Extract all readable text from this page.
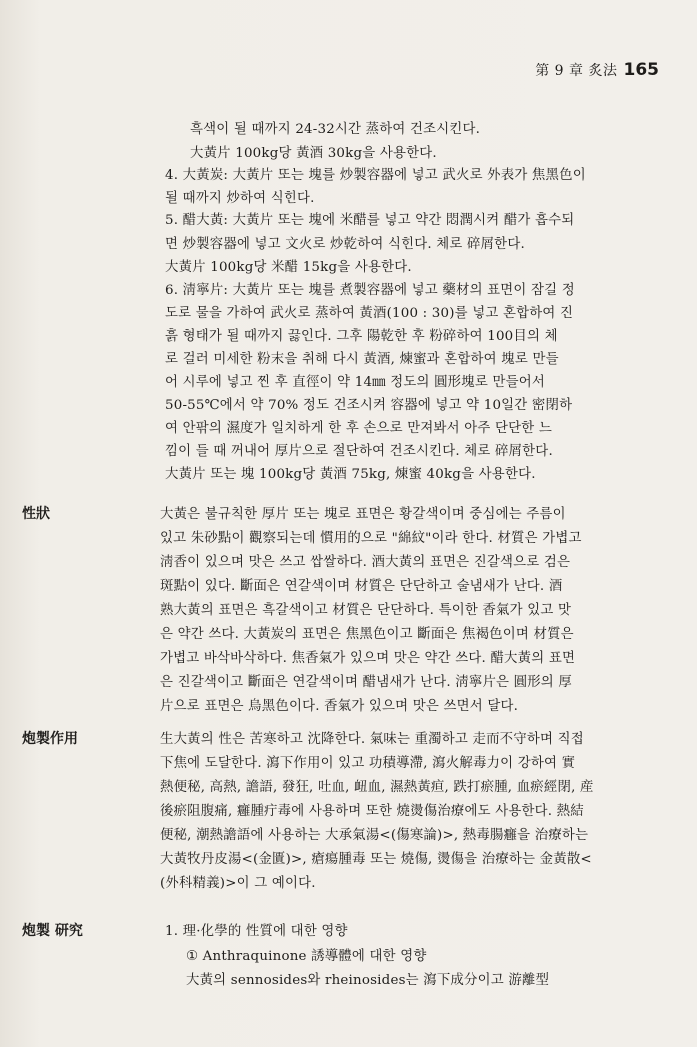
第 9 章 炙法 165
흑색이 될 때까지 24-32시간 蒸하여 건조시킨다.
大黃片 100kg당 黃酒 30kg을 사용한다.
4. 大黃炭: 大黃片 또는 塊를 炒製容器에 넣고 武火로 外表가 焦黑色이
될 때까지 炒하여 식힌다.
5. 醋大黃: 大黃片 또는 塊에 米醋를 넣고 약간 悶潤시켜 醋가 흡수되
면 炒製容器에 넣고 文火로 炒乾하여 식힌다. 체로 碎屑한다.
大黃片 100kg당 米醋 15kg을 사용한다.
6. 淸寧片: 大黃片 또는 塊를 煮製容器에 넣고 藥材의 표면이 잠길 정
도로 물을 가하여 武火로 蒸하여 黃酒(100 : 30)를 넣고 혼합하여 진
흙 형태가 될 때까지 끓인다. 그후 陽乾한 후 粉碎하여 100目의 체
로 걸러 미세한 粉末을 취해 다시 黃酒, 煉蜜과 혼합하여 塊로 만들
어 시루에 넣고 찐 후 直徑이 약 14㎜ 정도의 圓形塊로 만들어서
50-55℃에서 약 70% 정도 건조시켜 容器에 넣고 약 10일간 密閉하
여 안팎의 濕度가 일치하게 한 후 손으로 만져봐서 아주 단단한 느
낌이 들 때 꺼내어 厚片으로 절단하여 건조시킨다. 체로 碎屑한다.
大黃片 또는 塊 100kg당 黃酒 75kg, 煉蜜 40kg을 사용한다.
性狀	大黃은 불규칙한 厚片 또는 塊로 표면은 황갈색이며 중심에는 주름이
있고 朱砂點이 觀察되는데 慣用的으로 "綿紋"이라 한다. 材質은 가볍고
淸香이 있으며 맛은 쓰고 쌉쌀하다. 酒大黃의 표면은 진갈색으로 검은
斑點이 있다. 斷面은 연갈색이며 材質은 단단하고 술냄새가 난다. 酒
熟大黃의 표면은 흑갈색이고 材質은 단단하다. 특이한 香氣가 있고 맛
은 약간 쓰다. 大黃炭의 표면은 焦黑色이고 斷面은 焦褐色이며 材質은
가볍고 바삭바삭하다. 焦香氣가 있으며 맛은 약간 쓰다. 醋大黃의 표면
은 진갈색이고 斷面은 연갈색이며 醋냄새가 난다. 淸寧片은 圓形의 厚
片으로 표면은 烏黑色이다. 香氣가 있으며 맛은 쓰면서 달다.
炮製作用	生大黃의 性은 苦寒하고 沈降한다. 氣味는 重濁하고 走而不守하며 직접
下焦에 도달한다. 瀉下作用이 있고 功積導滯, 瀉火解毒力이 강하여 實
熱便秘, 高熱, 譫語, 發狂, 吐血, 衄血, 濕熱黃疸, 跌打瘀腫, 血瘀經閉, 産
後瘀阻腹痛, 癰腫疔毒에 사용하며 또한 燒燙傷治療에도 사용한다. 熱結
便秘, 潮熱譫語에 사용하는 大承氣湯<(傷寒論)>, 熱毒腸癰을 治療하는
大黃牧丹皮湯<(金匱)>, 瘡瘍腫毒 또는 燒傷, 燙傷을 治療하는 金黃散<
(外科精義)>이 그 예이다.
炮製 研究	1. 理·化學的 性質에 대한 영향
① Anthraquinone 誘導體에 대한 영향
大黃의 sennosides와 rheinosides는 瀉下成分이고 游離型
